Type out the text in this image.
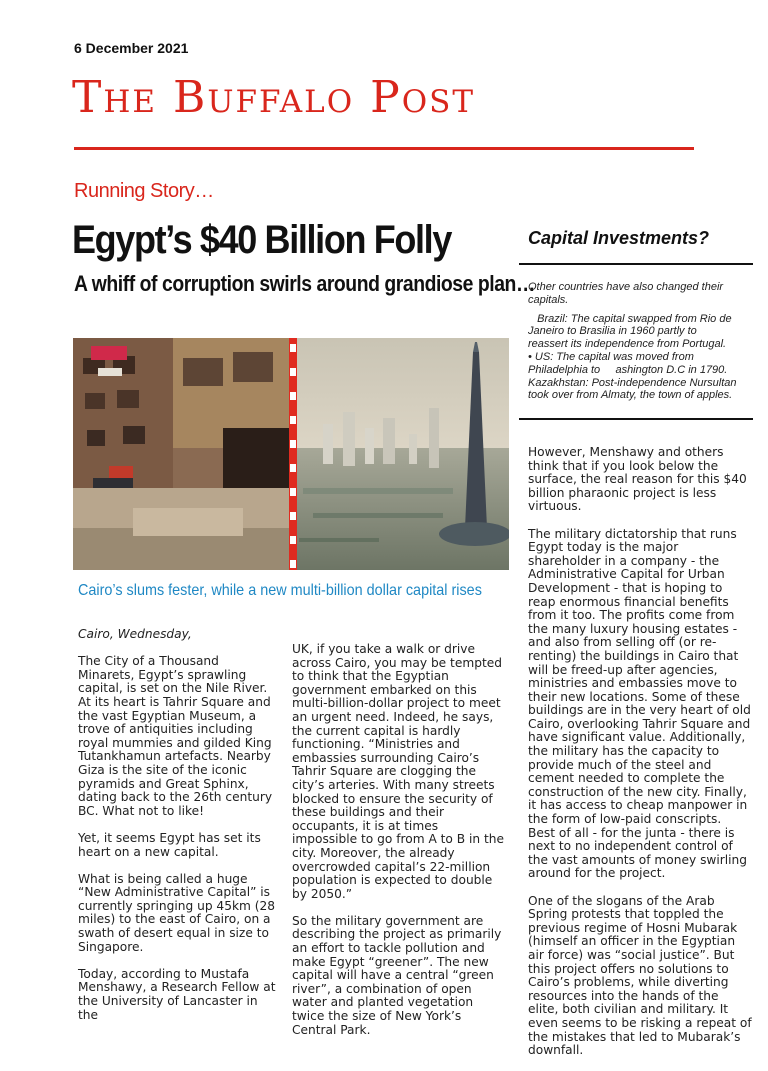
6 December 2021
The Buffalo Post
Running Story…
Egypt’s $40 Billion Folly
A whiff of corruption swirls around grandiose plan…
Cairo’s slums fester, while a new multi-billion dollar capital rises

Cairo, Wednesday,

The City of a Thousand Minarets, Egypt’s sprawling capital, is set on the Nile River. At its heart is Tahrir Square and the vast Egyptian Museum, a trove of antiquities including royal mummies and gilded King Tutankhamun artefacts. Nearby Giza is the site of the iconic pyramids and Great Sphinx, dating back to the 26th century BC. What not to like!

Yet, it seems Egypt has set its heart on a new capital.

What is being called a huge “New Administrative Capital” is currently springing up 45km (28 miles) to the east of Cairo, on a swath of desert equal in size to Singapore.

Today, according to Mustafa Menshawy, a Research Fellow at the University of Lancaster in the

UK, if you take a walk or drive across Cairo, you may be tempted to think that the Egyptian government embarked on this multi-billion-dollar project to meet an urgent need. Indeed, he says, the current capital is hardly functioning. “Ministries and embassies surrounding Cairo’s Tahrir Square are clogging the city’s arteries. With many streets blocked to ensure the security of these buildings and their occupants, it is at times impossible to go from A to B in the city. Moreover, the already overcrowded capital’s 22-million population is expected to double by 2050.”

So the military government are describing the project as primarily an effort to tackle pollution and make Egypt “greener”. The new capital will have a central “green river”, a combination of open water and planted vegetation twice the size of New York’s Central Park.

Capital Investments?
Other countries have also changed their
capitals.
Brazil: The capital swapped from Rio de
Janeiro to Brasilia in 1960 partly to
reassert its independence from Portugal.
• US: The capital was moved from
Philadelphia to     ashington D.C in 1790.
Kazakhstan: Post-independence Nursultan
took over from Almaty, the town of apples.

However, Menshawy and others think that if you look below the surface, the real reason for this $40 billion pharaonic project is less virtuous.

The military dictatorship that runs Egypt today is the major shareholder in a company - the Administrative Capital for Urban Development - that is hoping to reap enormous financial benefits from it too. The profits come from the many luxury housing estates - and also from selling off (or re-renting) the buildings in Cairo that will be freed-up after agencies, ministries and embassies move to their new locations. Some of these buildings are in the very heart of old Cairo, overlooking Tahrir Square and have significant value. Additionally, the military has the capacity to provide much of the steel and cement needed to complete the construction of the new city. Finally, it has access to cheap manpower in the form of low-paid conscripts. Best of all - for the junta - there is next to no independent control of the vast amounts of money swirling around for the project.

One of the slogans of the Arab Spring protests that toppled the previous regime of Hosni Mubarak (himself an officer in the Egyptian air force) was “social justice”. But this project offers no solutions to Cairo’s problems, while diverting resources into the hands of the elite, both civilian and military. It even seems to be risking a repeat of the mistakes that led to Mubarak’s downfall.
